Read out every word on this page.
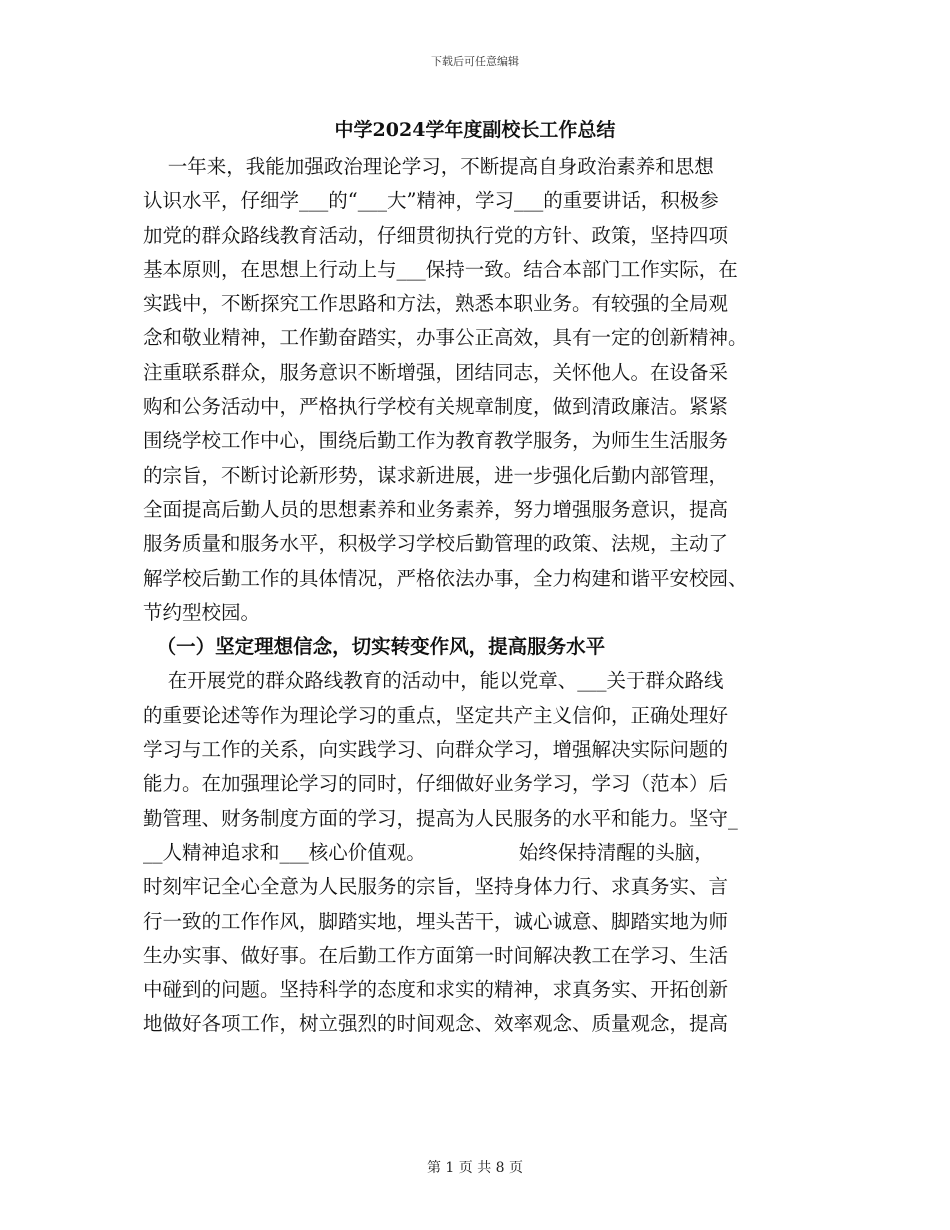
下载后可任意编辑
中学2024学年度副校长工作总结
一年来，我能加强政治理论学习，不断提高自身政治素养和思想
认识水平，仔细学___的“___大”精神，学习___的重要讲话，积极参
加党的群众路线教育活动，仔细贯彻执行党的方针、政策，坚持四项
基本原则，在思想上行动上与___保持一致。结合本部门工作实际，在
实践中，不断探究工作思路和方法，熟悉本职业务。有较强的全局观
念和敬业精神，工作勤奋踏实，办事公正高效，具有一定的创新精神。
注重联系群众，服务意识不断增强，团结同志，关怀他人。在设备采
购和公务活动中，严格执行学校有关规章制度，做到清政廉洁。紧紧
围绕学校工作中心，围绕后勤工作为教育教学服务，为师生生活服务
的宗旨，不断讨论新形势，谋求新进展，进一步强化后勤内部管理，
全面提高后勤人员的思想素养和业务素养，努力增强服务意识，提高
服务质量和服务水平，积极学习学校后勤管理的政策、法规，主动了
解学校后勤工作的具体情况，严格依法办事，全力构建和谐平安校园、
节约型校园。
（一）坚定理想信念，切实转变作风，提高服务水平
在开展党的群众路线教育的活动中，能以党章、___关于群众路线
的重要论述等作为理论学习的重点，坚定共产主义信仰，正确处理好
学习与工作的关系，向实践学习、向群众学习，增强解决实际问题的
能力。在加强理论学习的同时，仔细做好业务学习，学习（范本）后
勤管理、财务制度方面的学习，提高为人民服务的水平和能力。坚守_
__人精神追求和___核心价值观。               始终保持清醒的头脑，
时刻牢记全心全意为人民服务的宗旨，坚持身体力行、求真务实、言
行一致的工作作风，脚踏实地，埋头苦干，诚心诚意、脚踏实地为师
生办实事、做好事。在后勤工作方面第一时间解决教工在学习、生活
中碰到的问题。坚持科学的态度和求实的精神，求真务实、开拓创新
地做好各项工作，树立强烈的时间观念、效率观念、质量观念，提高
第 1 页 共 8 页
